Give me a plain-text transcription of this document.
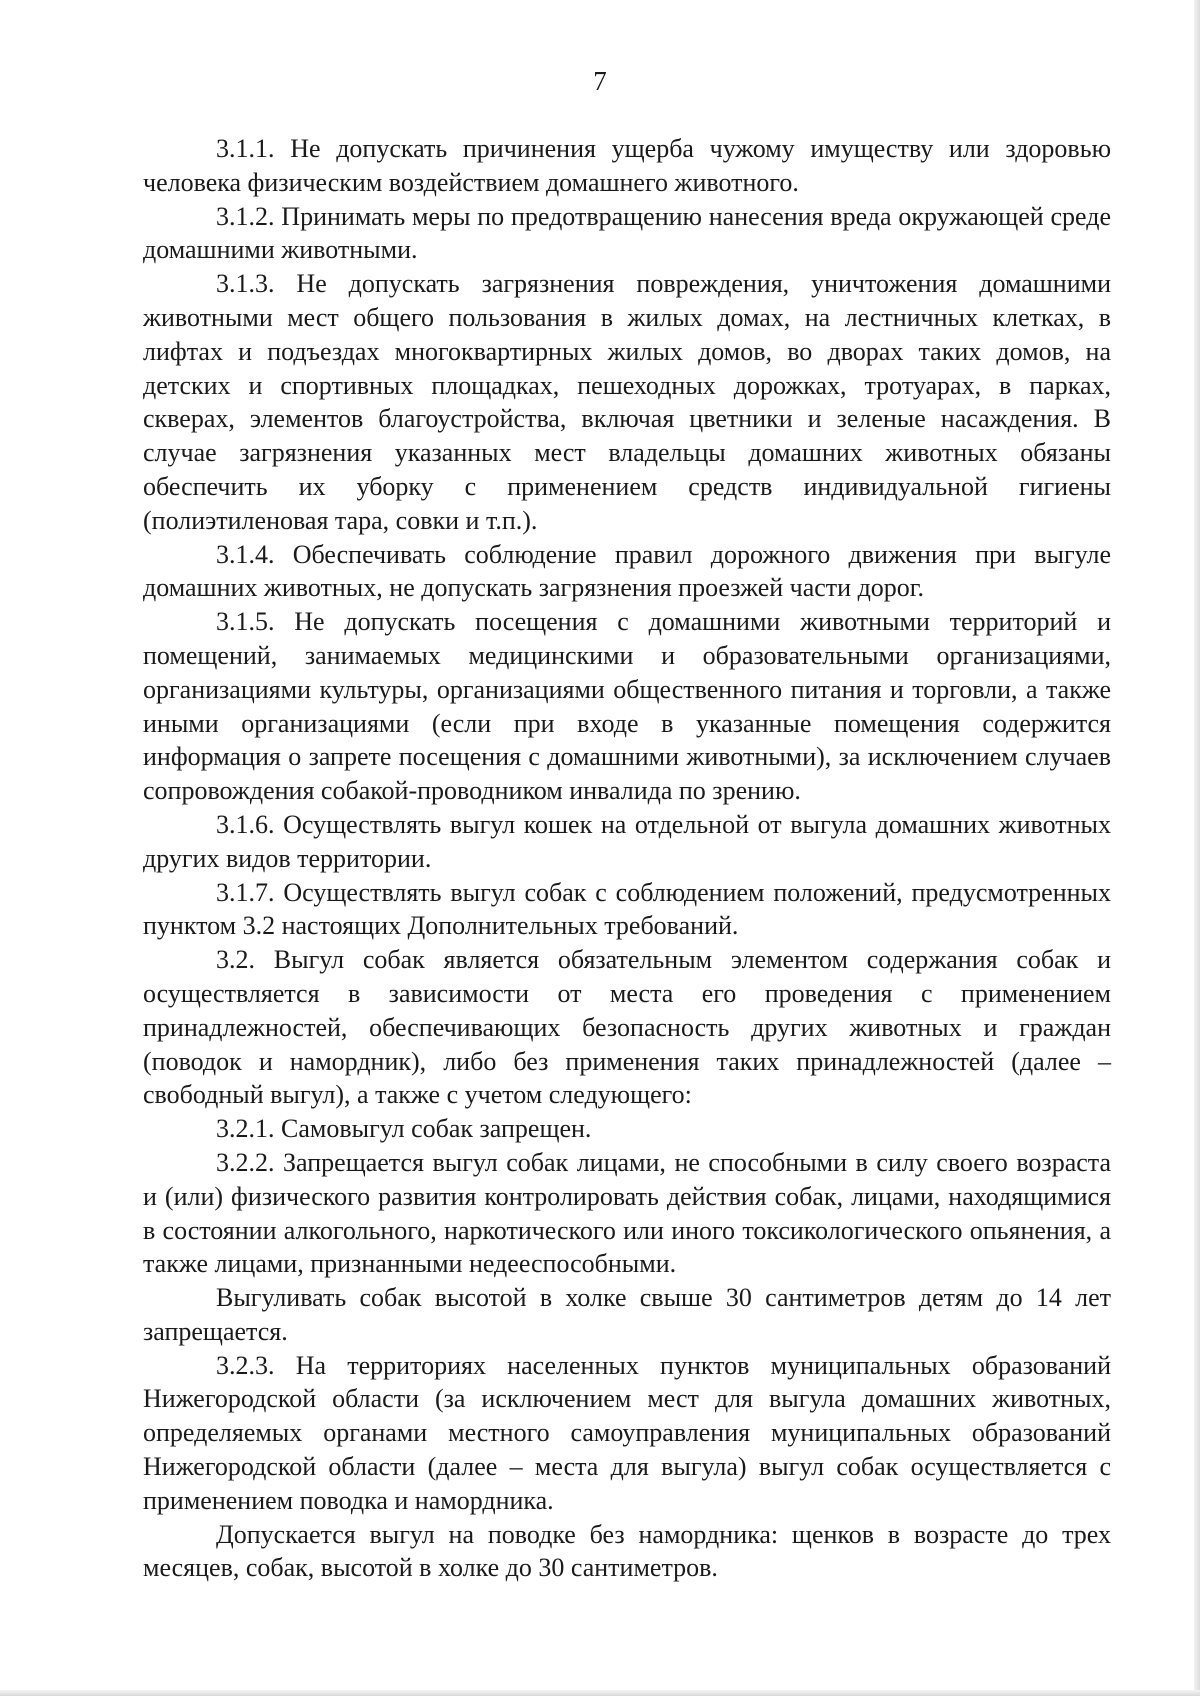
7

3.1.1. Не допускать причинения ущерба чужому имуществу или здоровью человека физическим воздействием домашнего животного.

3.1.2. Принимать меры по предотвращению нанесения вреда окружающей среде домашними животными.

3.1.3. Не допускать загрязнения повреждения, уничтожения домашними животными мест общего пользования в жилых домах, на лестничных клетках, в лифтах и подъездах многоквартирных жилых домов, во дворах таких домов, на детских и спортивных площадках, пешеходных дорожках, тротуарах, в парках, скверах, элементов благоустройства, включая цветники и зеленые насаждения. В случае загрязнения указанных мест владельцы домашних животных обязаны обеспечить их уборку с применением средств индивидуальной гигиены (полиэтиленовая тара, совки и т.п.).

3.1.4. Обеспечивать соблюдение правил дорожного движения при выгуле домашних животных, не допускать загрязнения проезжей части дорог.

3.1.5. Не допускать посещения с домашними животными территорий и помещений, занимаемых медицинскими и образовательными организациями, организациями культуры, организациями общественного питания и торговли, а также иными организациями (если при входе в указанные помещения содержится информация о запрете посещения с домашними животными), за исключением случаев сопровождения собакой-проводником инвалида по зрению.

3.1.6. Осуществлять выгул кошек на отдельной от выгула домашних животных других видов территории.

3.1.7. Осуществлять выгул собак с соблюдением положений, предусмотренных пунктом 3.2 настоящих Дополнительных требований.

3.2. Выгул собак является обязательным элементом содержания собак и осуществляется в зависимости от места его проведения с применением принадлежностей, обеспечивающих безопасность других животных и граждан (поводок и намордник), либо без применения таких принадлежностей (далее – свободный выгул), а также с учетом следующего:

3.2.1. Самовыгул собак запрещен.

3.2.2. Запрещается выгул собак лицами, не способными в силу своего возраста и (или) физического развития контролировать действия собак, лицами, находящимися в состоянии алкогольного, наркотического или иного токсикологического опьянения, а также лицами, признанными недееспособными.

Выгуливать собак высотой в холке свыше 30 сантиметров детям до 14 лет запрещается.

3.2.3. На территориях населенных пунктов муниципальных образований Нижегородской области (за исключением мест для выгула домашних животных, определяемых органами местного самоуправления муниципальных образований Нижегородской области (далее – места для выгула) выгул собак осуществляется с применением поводка и намордника.

Допускается выгул на поводке без намордника: щенков в возрасте до трех месяцев, собак, высотой в холке до 30 сантиметров.
